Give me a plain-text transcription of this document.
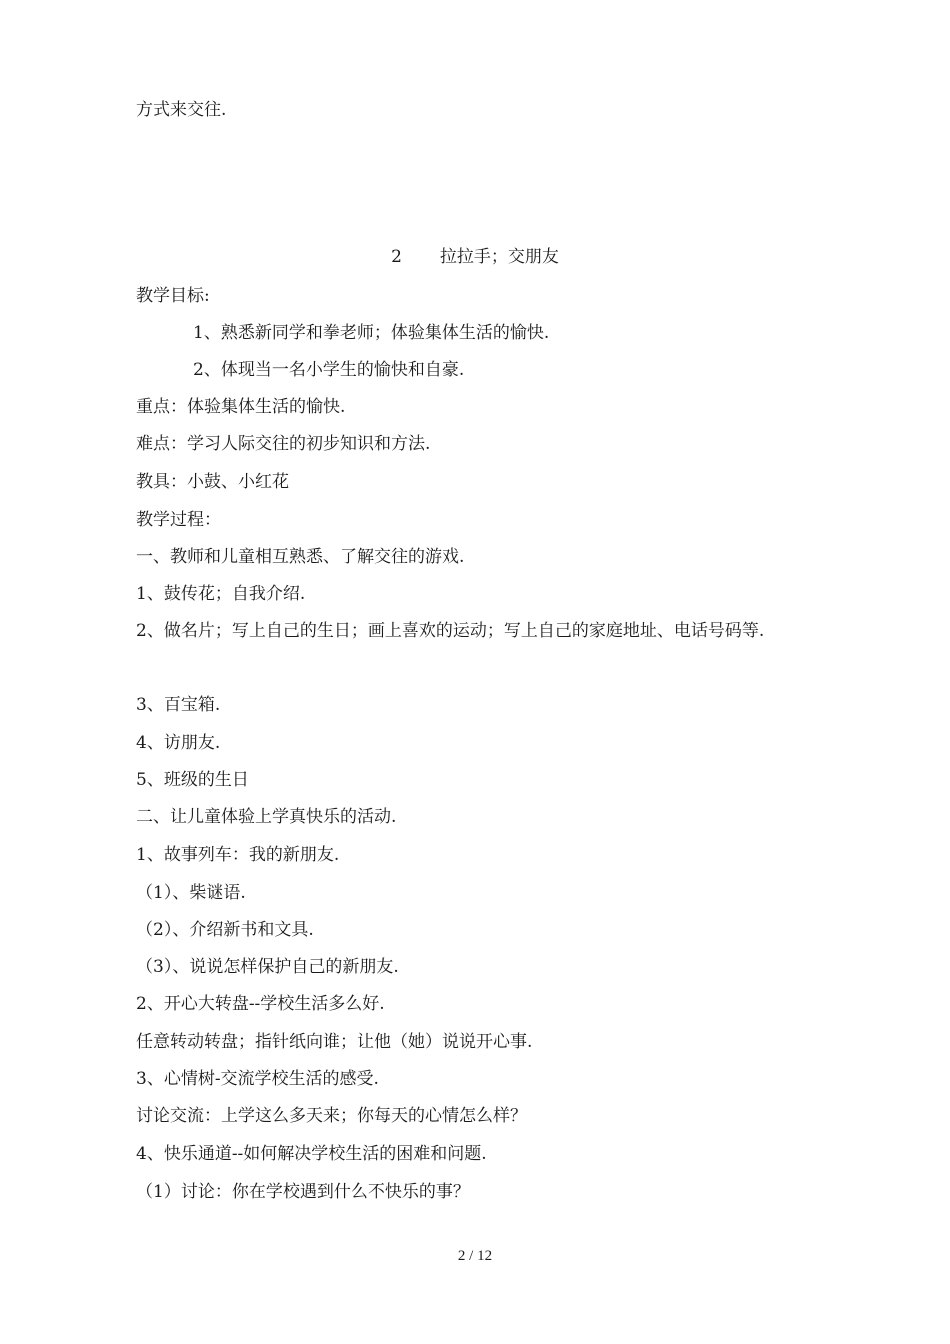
方式来交往.
2 拉拉手；交朋友
教学目标:
1、熟悉新同学和拳老师；体验集体生活的愉快.
2、体现当一名小学生的愉快和自豪.
重点：体验集体生活的愉快.
难点：学习人际交往的初步知识和方法.
教具：小鼓、小红花
教学过程：
一、教师和儿童相互熟悉、了解交往的游戏.
1、鼓传花；自我介绍.
2、做名片；写上自己的生日；画上喜欢的运动；写上自己的家庭地址、电话号码等.
3、百宝箱.
4、访朋友.
5、班级的生日
二、让儿童体验上学真快乐的活动.
1、故事列车：我的新朋友.
（1）、柴谜语.
（2）、介绍新书和文具.
（3）、说说怎样保护自己的新朋友.
2、开心大转盘--学校生活多么好.
任意转动转盘；指针纸向谁；让他（她）说说开心事.
3、心情树-交流学校生活的感受.
讨论交流：上学这么多天来；你每天的心情怎么样？
4、快乐通道--如何解决学校生活的困难和问题.
（1）讨论：你在学校遇到什么不快乐的事？
2 / 12
